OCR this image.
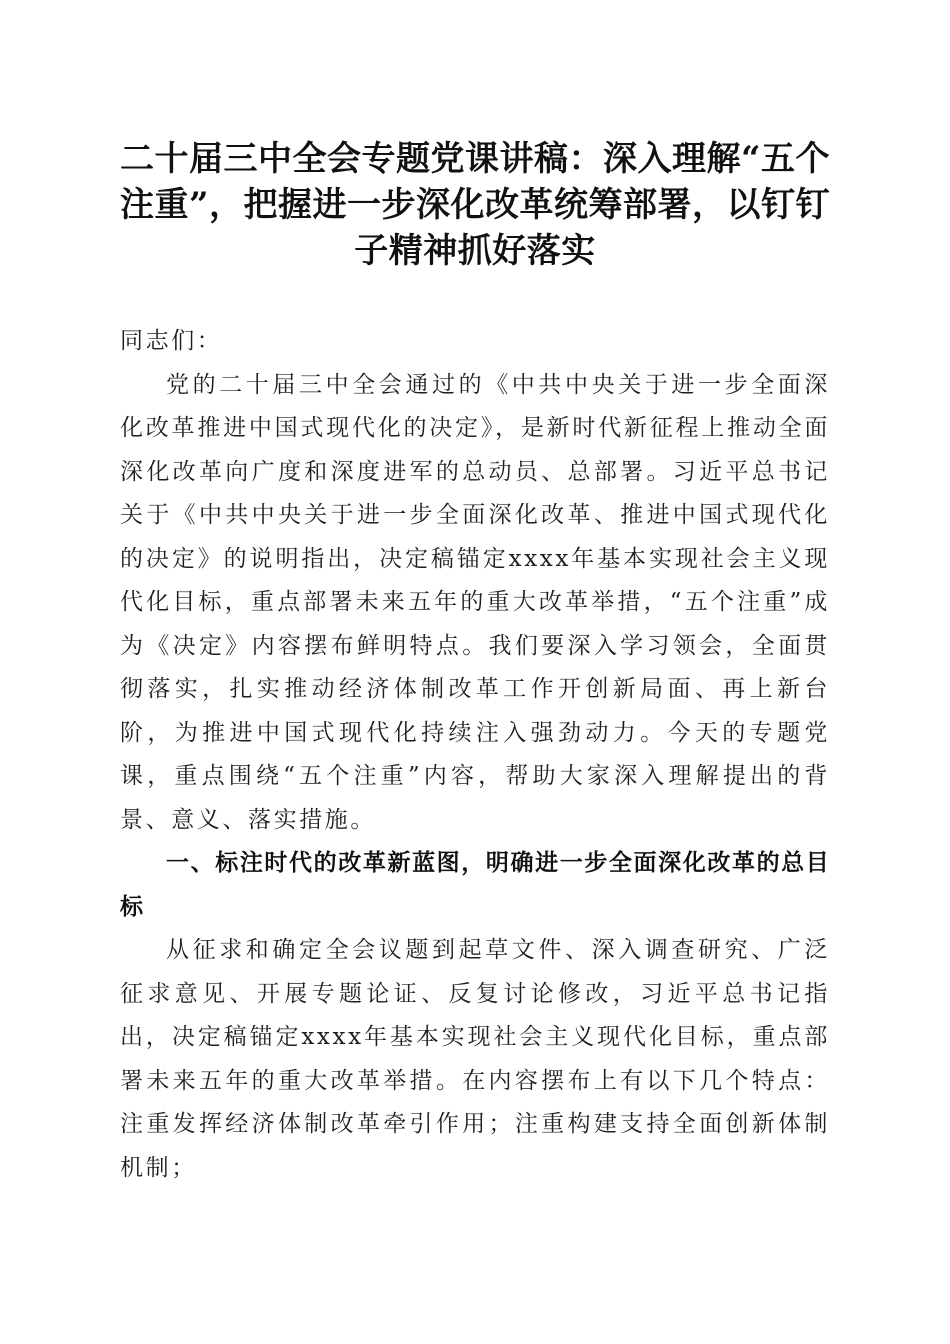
二十届三中全会专题党课讲稿：深入理解“五个注重”，把握进一步深化改革统筹部署，以钉钉子精神抓好落实

同志们：

党的二十届三中全会通过的《中共中央关于进一步全面深化改革推进中国式现代化的决定》，是新时代新征程上推动全面深化改革向广度和深度进军的总动员、总部署。习近平总书记关于《中共中央关于进一步全面深化改革、推进中国式现代化的决定》的说明指出，决定稿锚定xxxx年基本实现社会主义现代化目标，重点部署未来五年的重大改革举措，“五个注重”成为《决定》内容摆布鲜明特点。我们要深入学习领会，全面贯彻落实，扎实推动经济体制改革工作开创新局面、再上新台阶，为推进中国式现代化持续注入强劲动力。今天的专题党课，重点围绕“五个注重”内容，帮助大家深入理解提出的背景、意义、落实措施。

一、标注时代的改革新蓝图，明确进一步全面深化改革的总目标

从征求和确定全会议题到起草文件、深入调查研究、广泛征求意见、开展专题论证、反复讨论修改，习近平总书记指出，决定稿锚定xxxx年基本实现社会主义现代化目标，重点部署未来五年的重大改革举措。在内容摆布上有以下几个特点：注重发挥经济体制改革牵引作用；注重构建支持全面创新体制机制；
